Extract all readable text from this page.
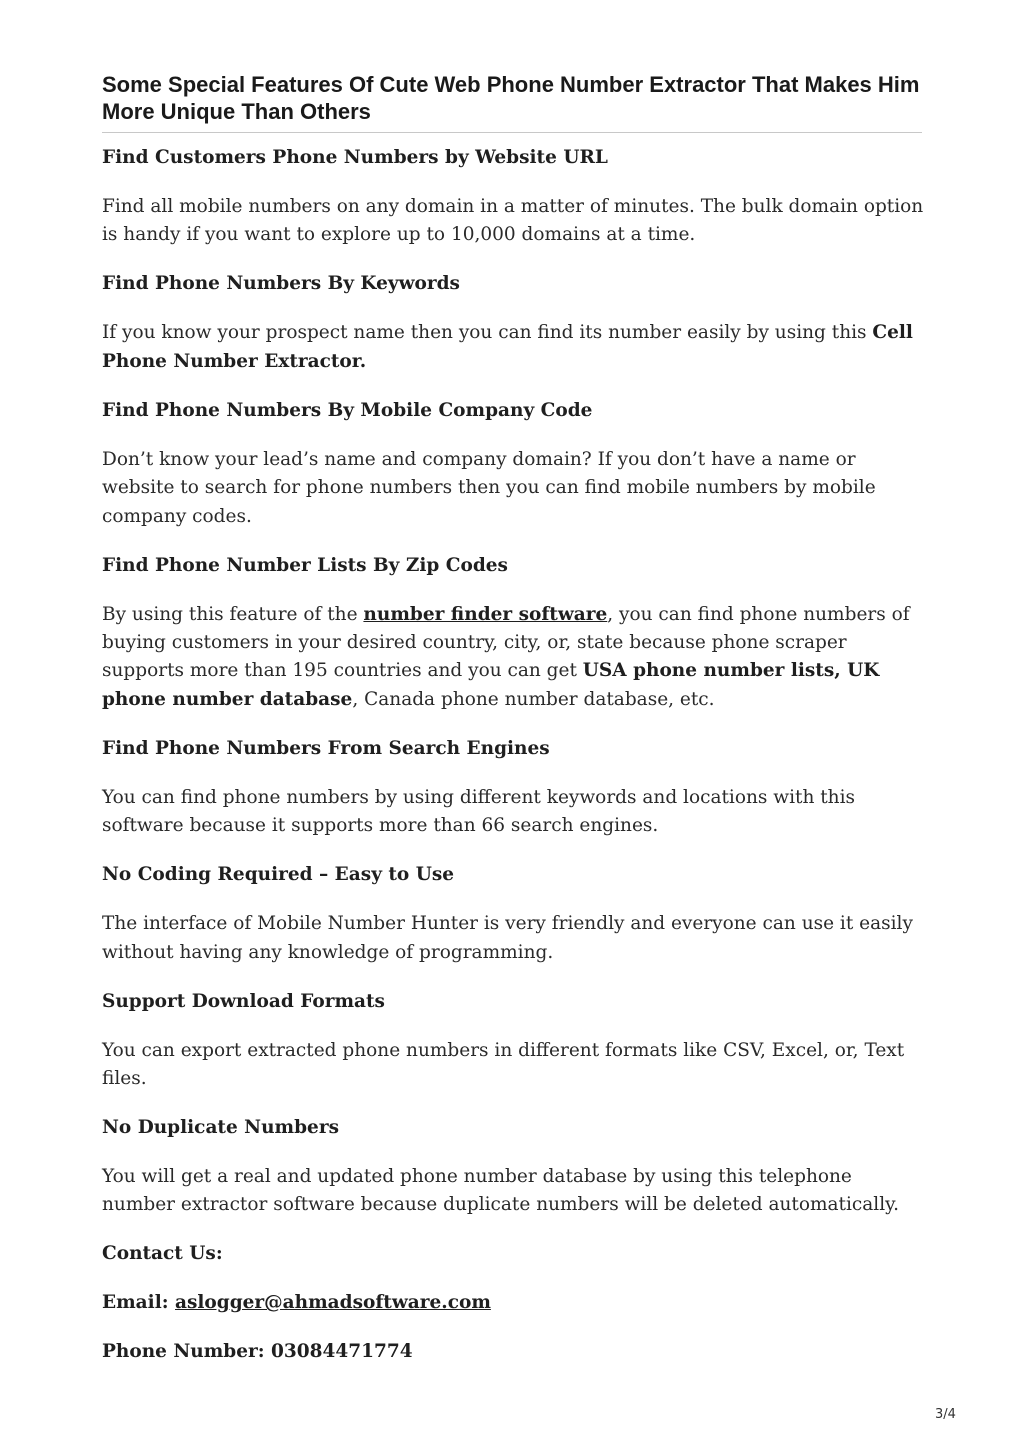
Some Special Features Of Cute Web Phone Number Extractor That Makes Him More Unique Than Others
Find Customers Phone Numbers by Website URL

Find all mobile numbers on any domain in a matter of minutes. The bulk domain option is handy if you want to explore up to 10,000 domains at a time.

Find Phone Numbers By Keywords

If you know your prospect name then you can find its number easily by using this Cell Phone Number Extractor.

Find Phone Numbers By Mobile Company Code

Don’t know your lead’s name and company domain? If you don’t have a name or website to search for phone numbers then you can find mobile numbers by mobile company codes.

Find Phone Number Lists By Zip Codes

By using this feature of the number finder software, you can find phone numbers of buying customers in your desired country, city, or, state because phone scraper supports more than 195 countries and you can get USA phone number lists, UK phone number database, Canada phone number database, etc.

Find Phone Numbers From Search Engines

You can find phone numbers by using different keywords and locations with this software because it supports more than 66 search engines.

No Coding Required – Easy to Use

The interface of Mobile Number Hunter is very friendly and everyone can use it easily without having any knowledge of programming.

Support Download Formats

You can export extracted phone numbers in different formats like CSV, Excel, or, Text files.

No Duplicate Numbers

You will get a real and updated phone number database by using this telephone number extractor software because duplicate numbers will be deleted automatically.

Contact Us:

Email: aslogger@ahmadsoftware.com

Phone Number: 03084471774

3/4
